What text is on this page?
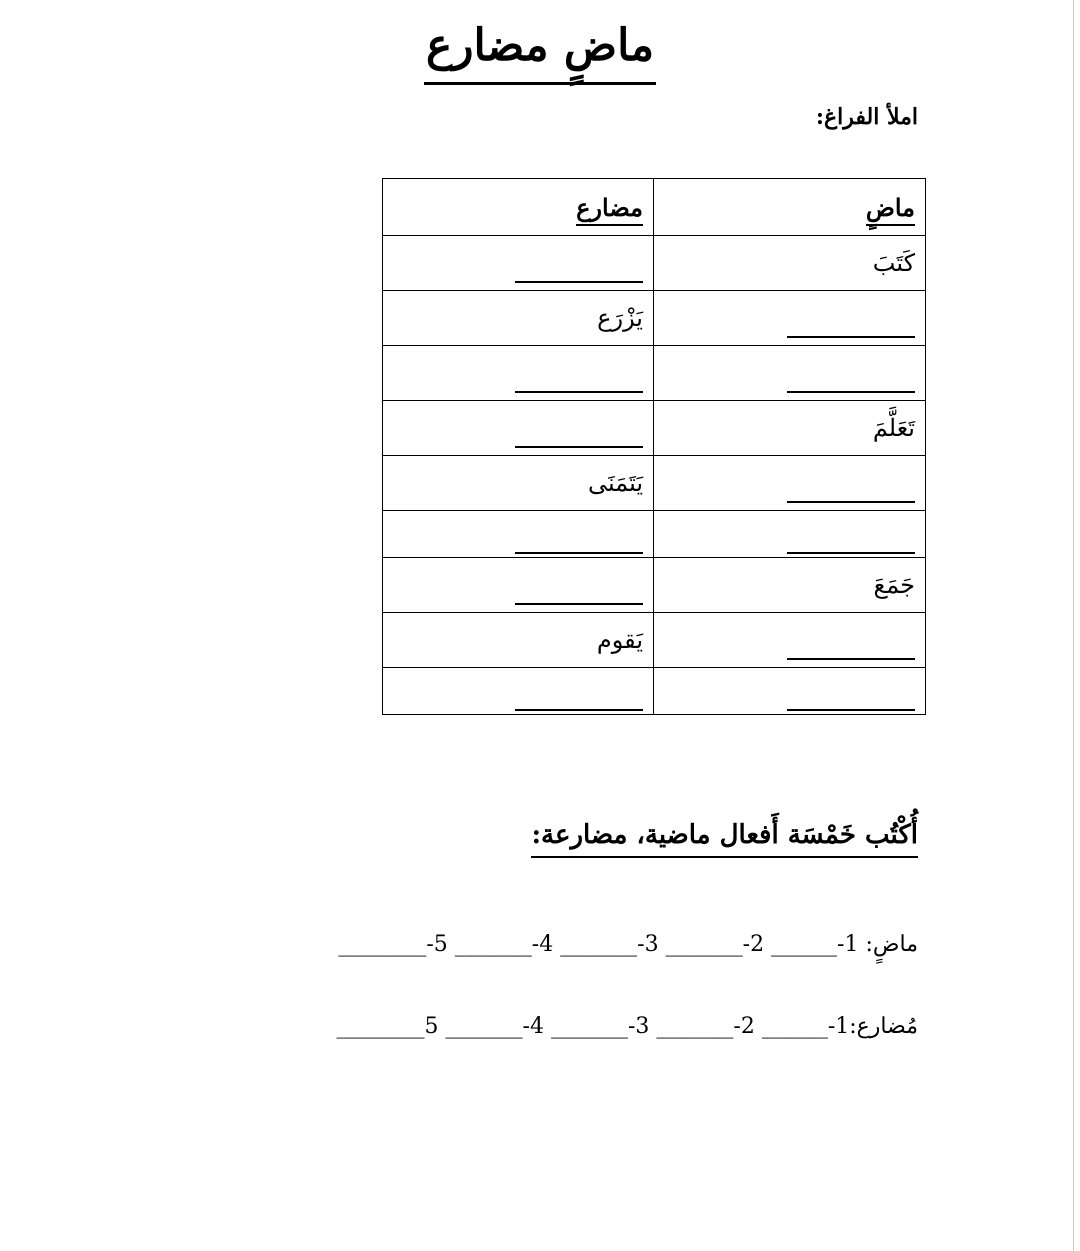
ماضٍ مضارع
املأ الفراغ:
ماضٍ	مضارع
كَتَبَ	
	يَزْرَع

تَعَلَّمَ	
	يَتَمَنَى

جَمَعَ	
	يَقوم

أُكْتُب خَمْسَة أَفعال ماضية، مضارعة:
ماضٍ: 1-______ 2-_______ 3-_______ 4-_______ 5-________
مُضارع:1-______ 2-_______ 3-_______ 4-_______ 5________
